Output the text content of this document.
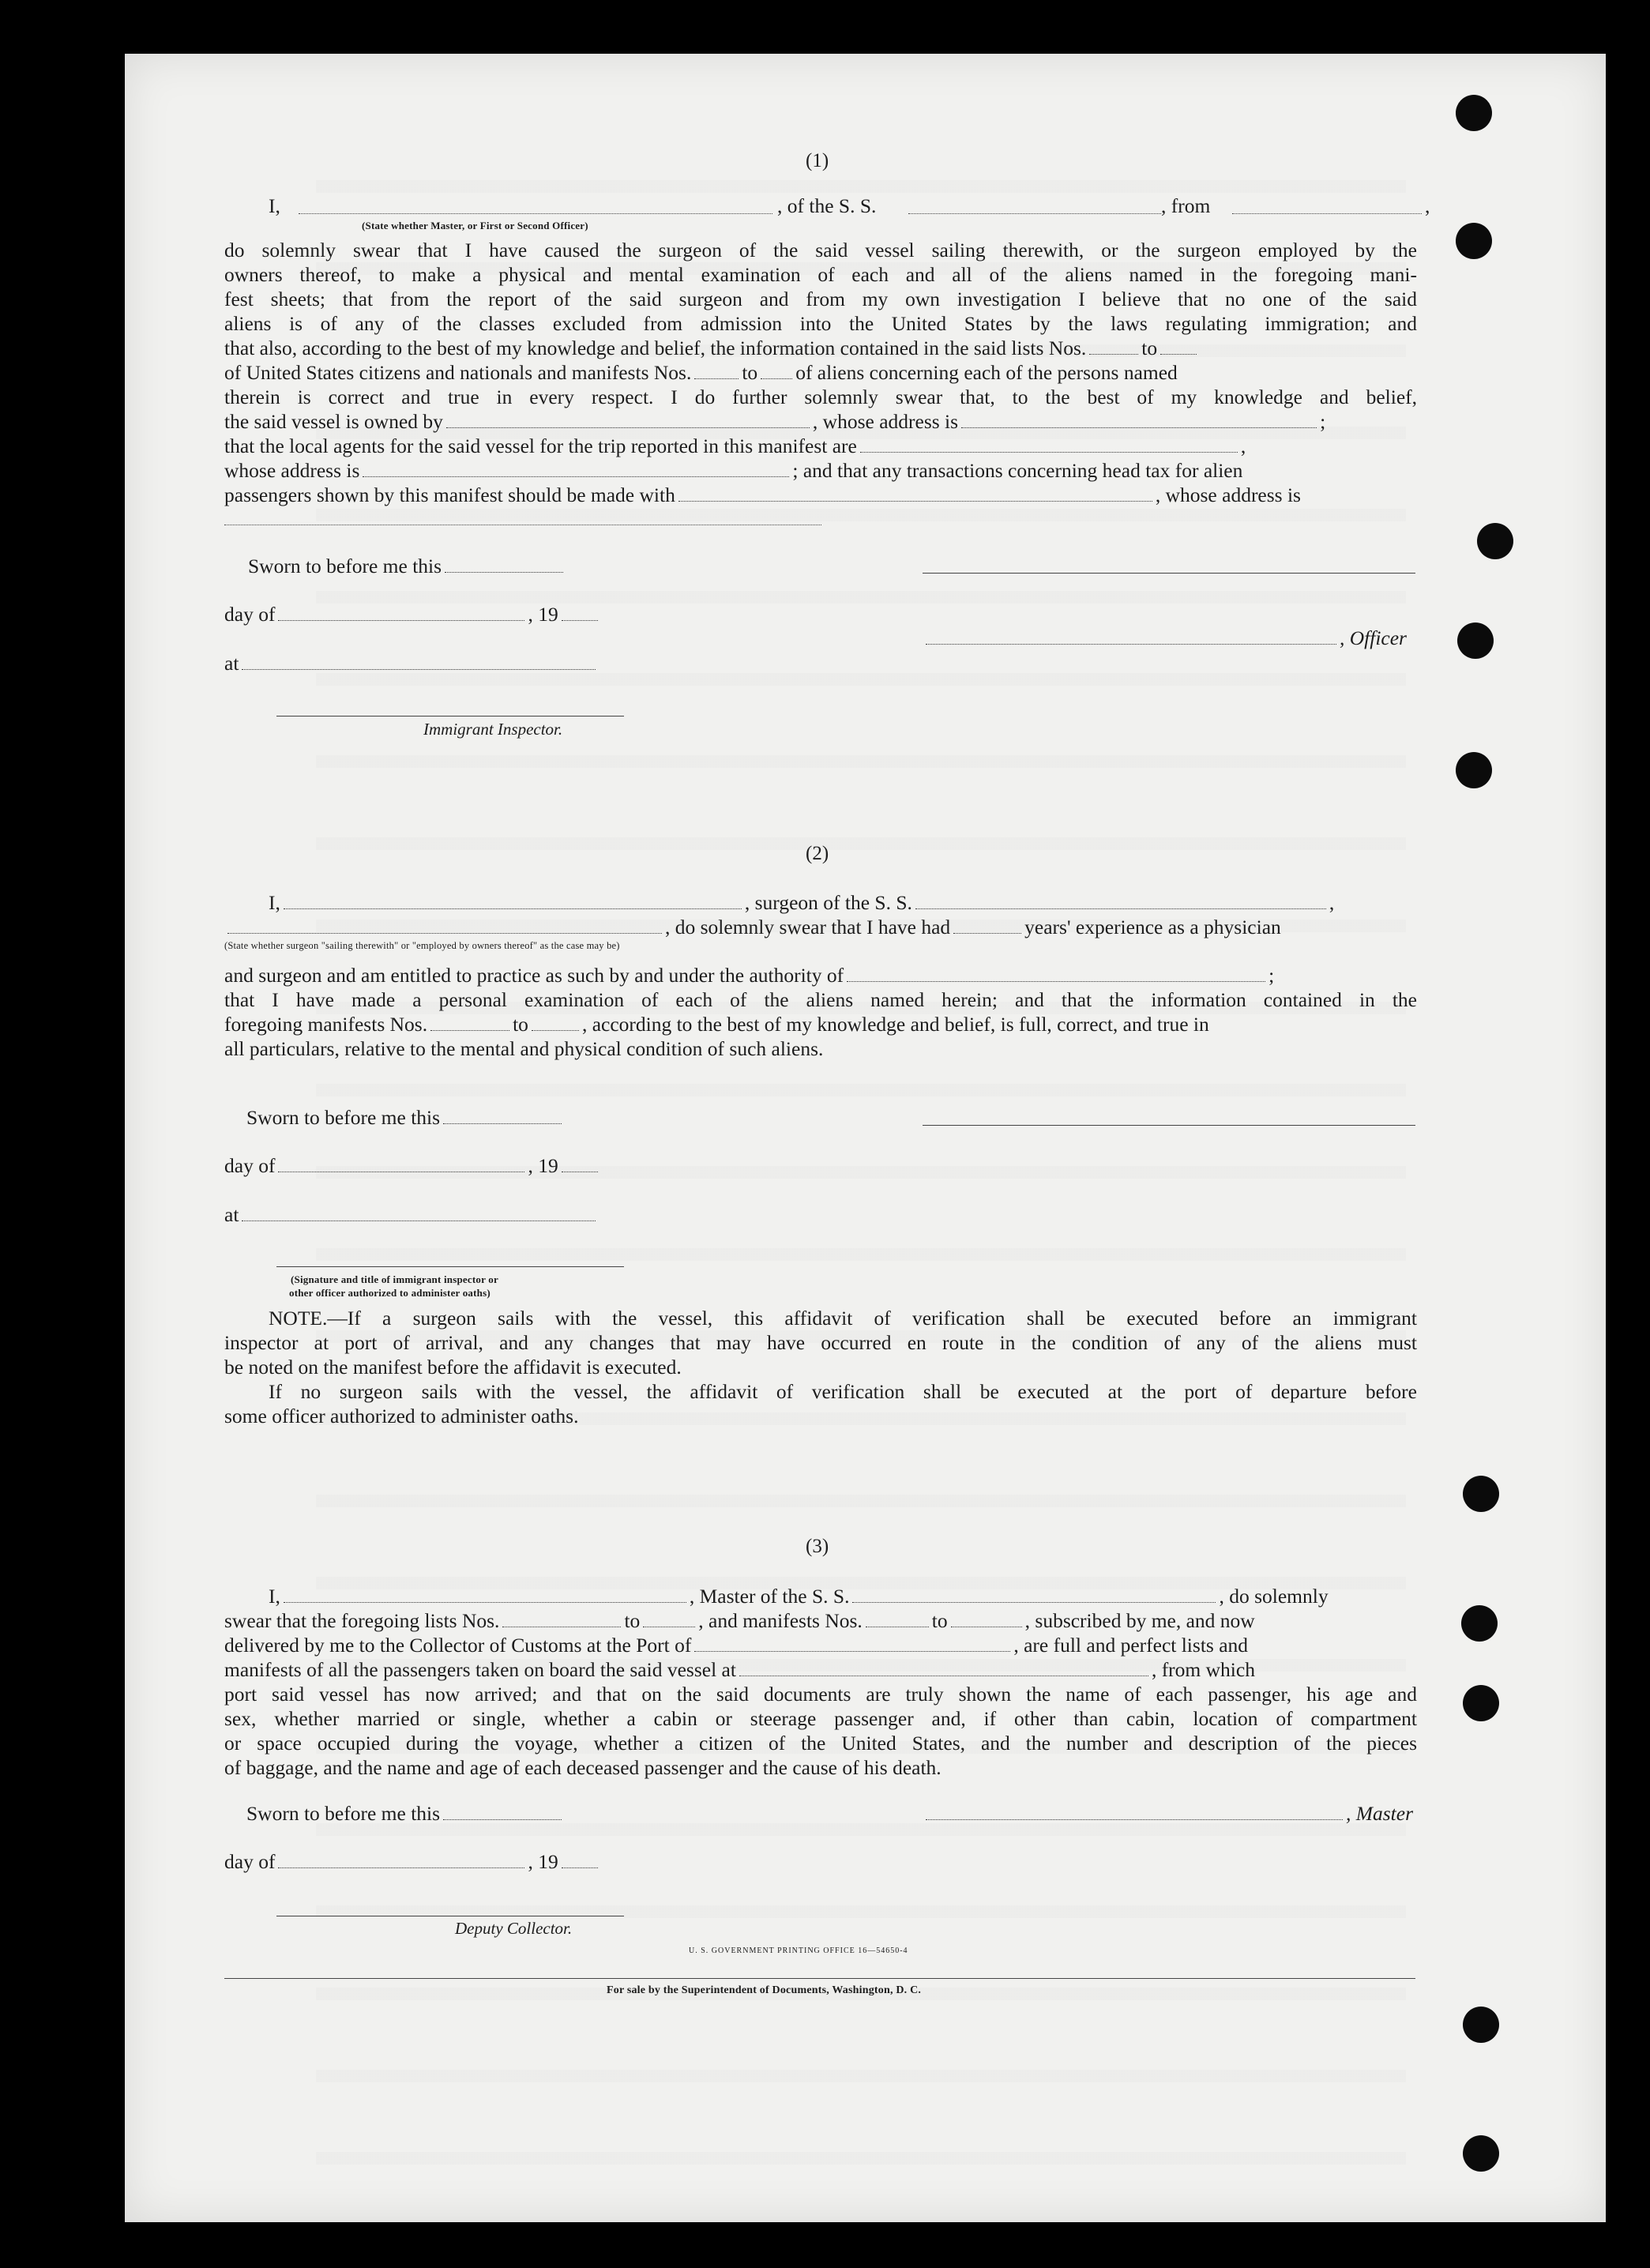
(1)
I,	, of the S. S.	, from	,
(State whether Master, or First or Second Officer)
do solemnly swear that I have caused the surgeon of the said vessel sailing therewith, or the surgeon employed by the
owners thereof, to make a physical and mental examination of each and all of the aliens named in the foregoing mani-
fest sheets; that from the report of the said surgeon and from my own investigation I believe that no one of the said
aliens is of any of the classes excluded from admission into the United States by the laws regulating immigration; and
that also, according to the best of my knowledge and belief, the information contained in the said lists Nos.	to
of United States citizens and nationals and manifests Nos.	to of aliens concerning each of the persons named
therein is correct and true in every respect. I do further solemnly swear that, to the best of my knowledge and belief,
the said vessel is owned by	, whose address is	;
that the local agents for the said vessel for the trip reported in this manifest are	,
whose address is	; and that any transactions concerning head tax for alien
passengers shown by this manifest should be made with	, whose address is
Sworn to before me this
day of	, 19
, Officer
at
Immigrant Inspector.
(2)
I,	, surgeon of the S. S.	,
, do solemnly swear that I have had	years' experience as a physician
(State whether surgeon "sailing therewith" or "employed by owners thereof" as the case may be)
and surgeon and am entitled to practice as such by and under the authority of	;
that I have made a personal examination of each of the aliens named herein; and that the information contained in the
foregoing manifests Nos.	to	, according to the best of my knowledge and belief, is full, correct, and true in
all particulars, relative to the mental and physical condition of such aliens.
Sworn to before me this
day of	, 19
at
(Signature and title of immigrant inspector or
other officer authorized to administer oaths)
NOTE.—If a surgeon sails with the vessel, this affidavit of verification shall be executed before an immigrant
inspector at port of arrival, and any changes that may have occurred en route in the condition of any of the aliens must
be noted on the manifest before the affidavit is executed.
If no surgeon sails with the vessel, the affidavit of verification shall be executed at the port of departure before
some officer authorized to administer oaths.
(3)
I,	, Master of the S. S.	, do solemnly
swear that the foregoing lists Nos.	to	, and manifests Nos.	to	, subscribed by me, and now
delivered by me to the Collector of Customs at the Port of	, are full and perfect lists and
manifests of all the passengers taken on board the said vessel at	, from which
port said vessel has now arrived; and that on the said documents are truly shown the name of each passenger, his age and
sex, whether married or single, whether a cabin or steerage passenger and, if other than cabin, location of compartment
or space occupied during the voyage, whether a citizen of the United States, and the number and description of the pieces
of baggage, and the name and age of each deceased passenger and the cause of his death.
Sworn to before me this	, Master
day of	, 19
Deputy Collector.
U. S. GOVERNMENT PRINTING OFFICE 16—54650-4
For sale by the Superintendent of Documents, Washington, D. C.
